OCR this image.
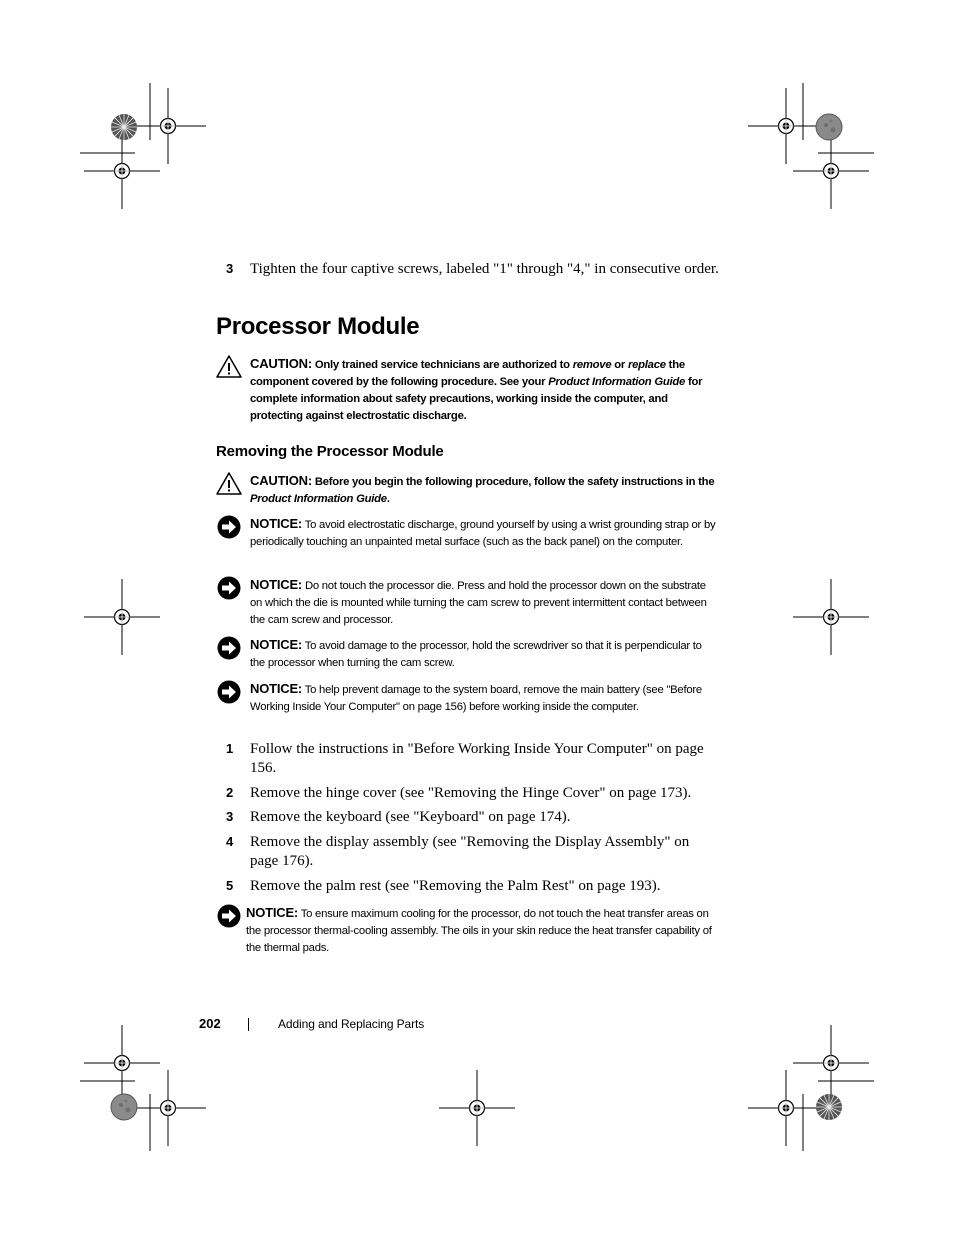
3 Tighten the four captive screws, labeled "1" through "4," in consecutive order.
Processor Module
CAUTION: Only trained service technicians are authorized to remove or replace the component covered by the following procedure. See your Product Information Guide for complete information about safety precautions, working inside the computer, and protecting against electrostatic discharge.
Removing the Processor Module
CAUTION: Before you begin the following procedure, follow the safety instructions in the Product Information Guide.
NOTICE: To avoid electrostatic discharge, ground yourself by using a wrist grounding strap or by periodically touching an unpainted metal surface (such as the back panel) on the computer.
NOTICE: Do not touch the processor die. Press and hold the processor down on the substrate on which the die is mounted while turning the cam screw to prevent intermittent contact between the cam screw and processor.
NOTICE: To avoid damage to the processor, hold the screwdriver so that it is perpendicular to the processor when turning the cam screw.
NOTICE: To help prevent damage to the system board, remove the main battery (see "Before Working Inside Your Computer" on page 156) before working inside the computer.
1 Follow the instructions in "Before Working Inside Your Computer" on page 156.
2 Remove the hinge cover (see "Removing the Hinge Cover" on page 173).
3 Remove the keyboard (see "Keyboard" on page 174).
4 Remove the display assembly (see "Removing the Display Assembly" on page 176).
5 Remove the palm rest (see "Removing the Palm Rest" on page 193).
NOTICE: To ensure maximum cooling for the processor, do not touch the heat transfer areas on the processor thermal-cooling assembly. The oils in your skin reduce the heat transfer capability of the thermal pads.
202	Adding and Replacing Parts
